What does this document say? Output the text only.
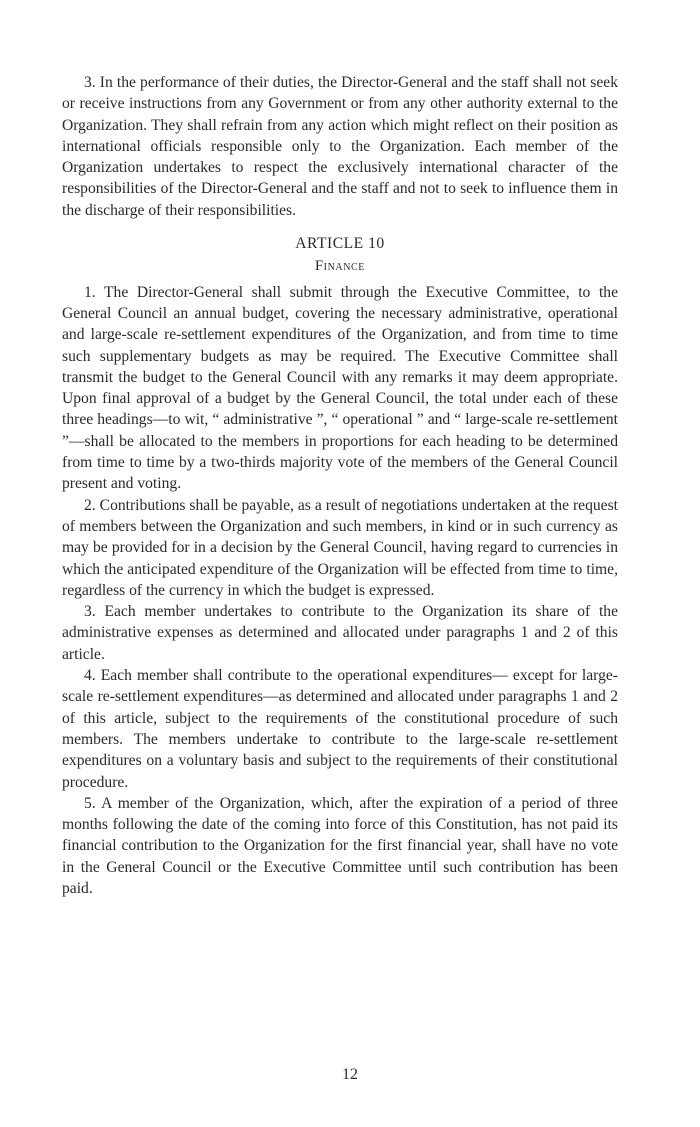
3. In the performance of their duties, the Director-General and the staff shall not seek or receive instructions from any Government or from any other authority external to the Organization. They shall refrain from any action which might reflect on their position as international officials responsible only to the Organization. Each member of the Organization undertakes to respect the exclusively international character of the responsibilities of the Director-General and the staff and not to seek to influence them in the discharge of their responsibilities.

ARTICLE 10
Finance

1. The Director-General shall submit through the Executive Committee, to the General Council an annual budget, covering the necessary administrative, operational and large-scale re-settlement expenditures of the Organization, and from time to time such supplementary budgets as may be required. The Executive Committee shall transmit the budget to the General Council with any remarks it may deem appropriate. Upon final approval of a budget by the General Council, the total under each of these three headings—to wit, “ administrative ”, “ operational ” and “ large-scale re-settlement ”—shall be allocated to the members in proportions for each heading to be determined from time to time by a two-thirds majority vote of the members of the General Council present and voting.

2. Contributions shall be payable, as a result of negotiations undertaken at the request of members between the Organization and such members, in kind or in such currency as may be provided for in a decision by the General Council, having regard to currencies in which the anticipated expenditure of the Organization will be effected from time to time, regardless of the currency in which the budget is expressed.

3. Each member undertakes to contribute to the Organization its share of the administrative expenses as determined and allocated under paragraphs 1 and 2 of this article.

4. Each member shall contribute to the operational expenditures— except for large-scale re-settlement expenditures—as determined and allocated under paragraphs 1 and 2 of this article, subject to the requirements of the constitutional procedure of such members. The members undertake to contribute to the large-scale re-settlement expenditures on a voluntary basis and subject to the requirements of their constitutional procedure.

5. A member of the Organization, which, after the expiration of a period of three months following the date of the coming into force of this Constitution, has not paid its financial contribution to the Organization for the first financial year, shall have no vote in the General Council or the Executive Committee until such contribution has been paid.

12
